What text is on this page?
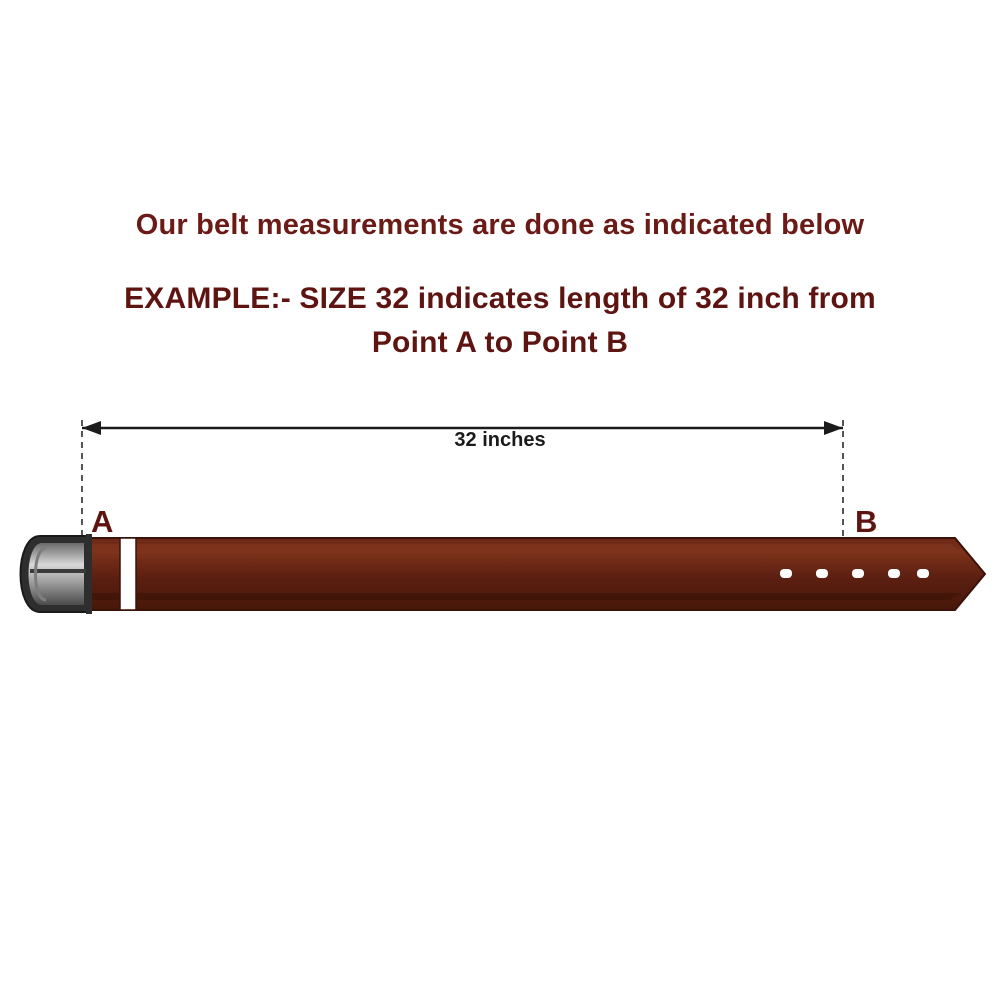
Our belt measurements are done as indicated below
EXAMPLE:- SIZE 32 indicates length of 32 inch from
Point A to Point B
32 inches
A	B
